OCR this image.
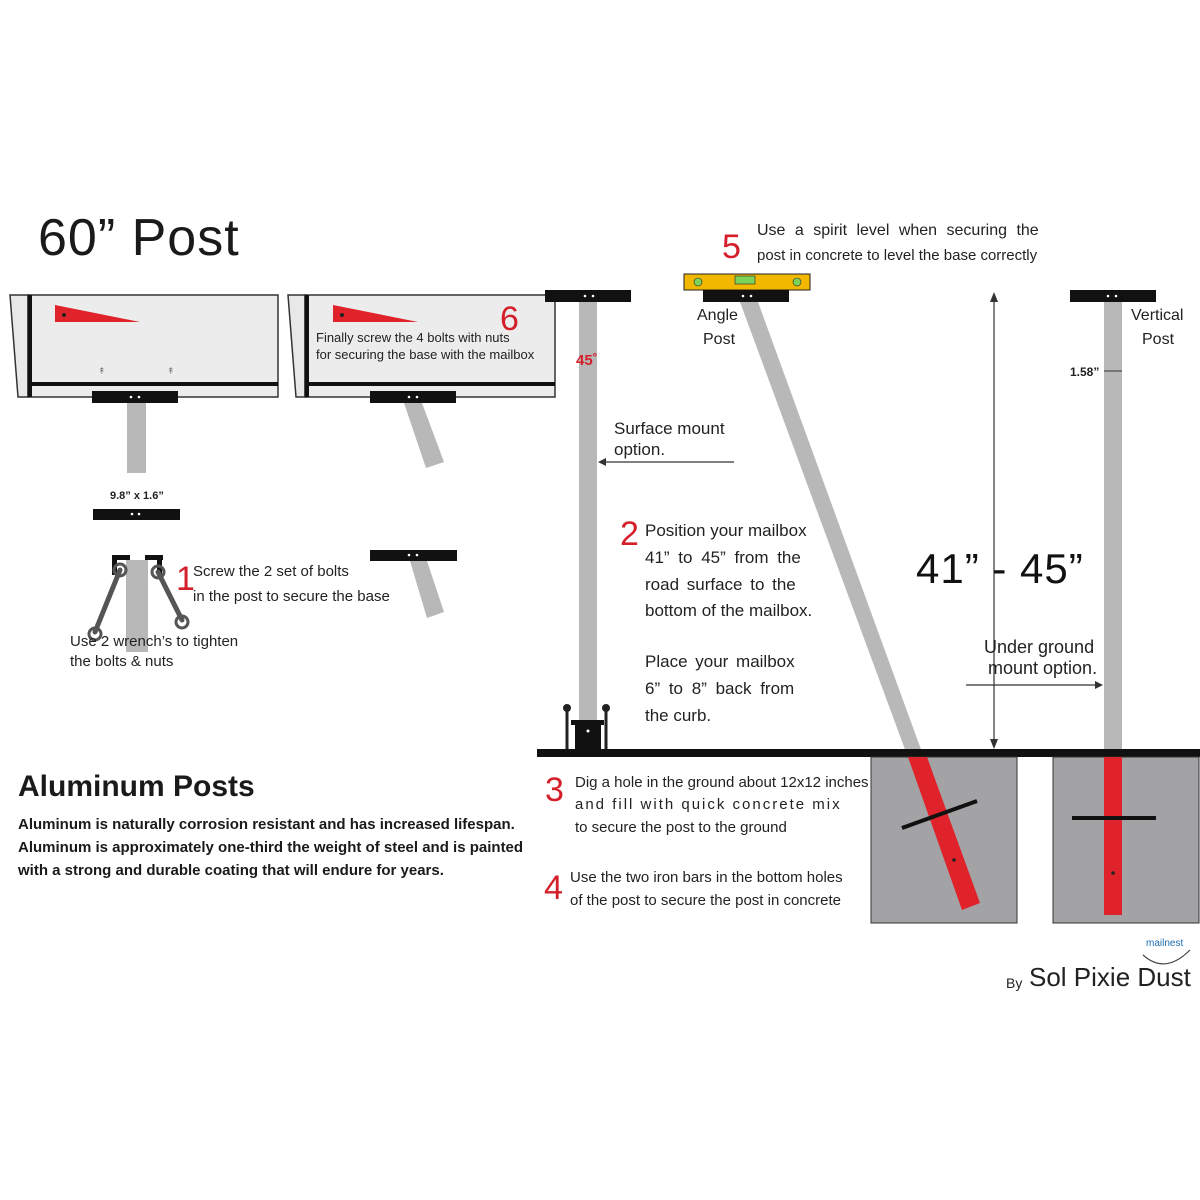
↟	↟
60” Post
9.8” x 1.6”
1
Screw the 2 set of bolts
in the post to secure the base
Use 2 wrench’s to tighten
the bolts & nuts
6
Finally screw the 4 bolts with nuts
for securing the base with the mailbox
5 Use a spirit level when securing the
post in concrete to level the base correctly
Angle
Post
Vertical
Post
1.58”
45˚
Surface mount
option.
2 Position your mailbox
41” to 45” from the
road surface to the
bottom of the mailbox.
Place your mailbox
6” to 8” back from
the curb.
41” - 45”
Under ground
mount option.
3 Dig a hole in the ground about 12x12 inches
and fill with quick concrete mix
to secure the post to the ground
4 Use the two iron bars in the bottom holes
of the post to secure the post in concrete
Aluminum Posts
Aluminum is naturally corrosion resistant and has increased lifespan.
Aluminum is approximately one-third the weight of steel and is painted
with a strong and durable coating that will endure for years.
mailnest
By Sol Pixie Dust
